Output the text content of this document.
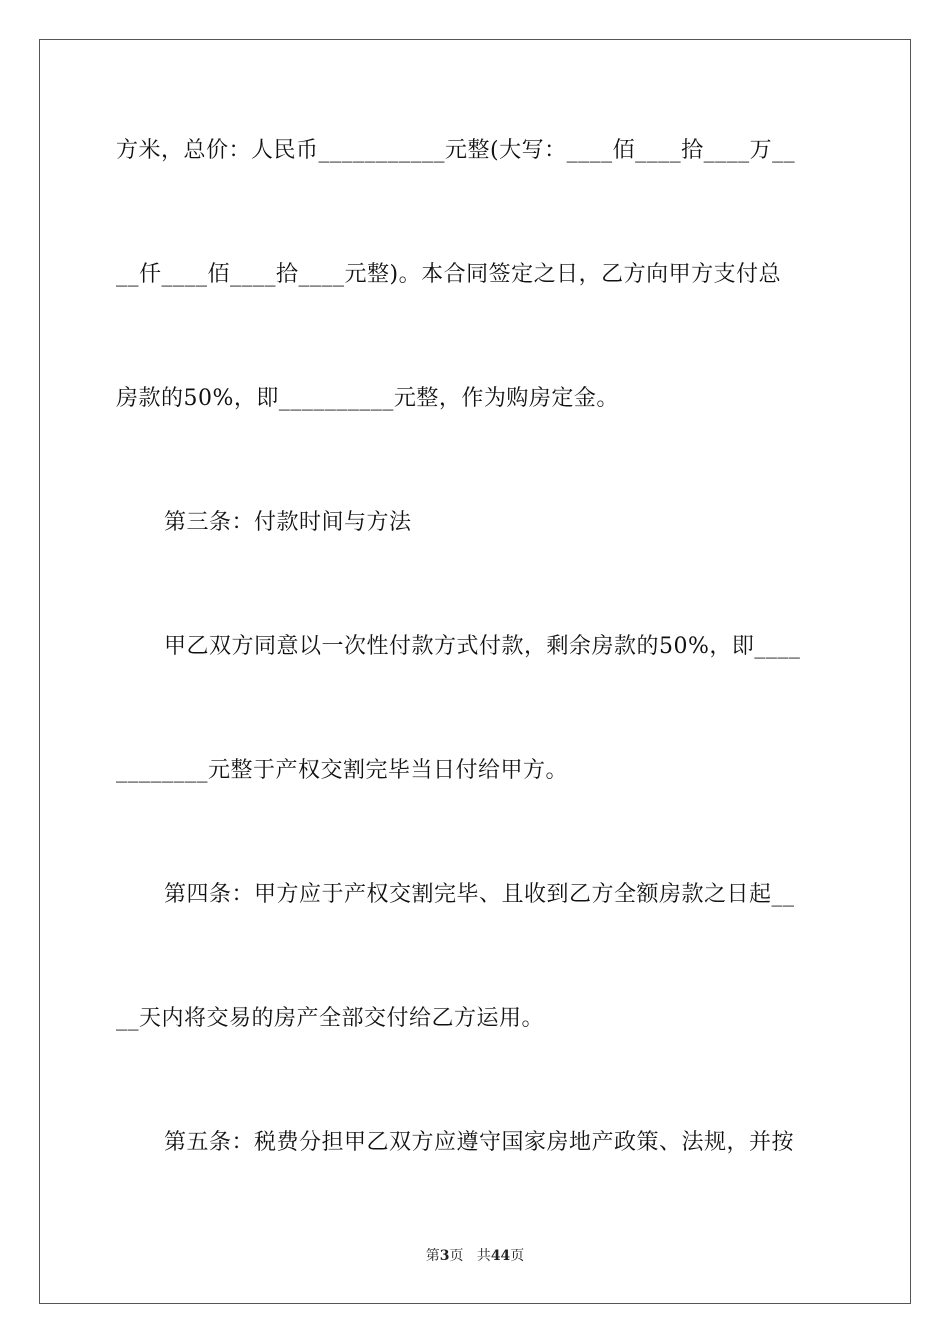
方米，总价：人民币___________元整(大写：____佰____拾____万__
__仟____佰____拾____元整)。本合同签定之日，乙方向甲方支付总
房款的50%，即__________元整，作为购房定金。
第三条：付款时间与方法
甲乙双方同意以一次性付款方式付款，剩余房款的50%，即____
________元整于产权交割完毕当日付给甲方。
第四条：甲方应于产权交割完毕、且收到乙方全额房款之日起__
__天内将交易的房产全部交付给乙方运用。
第五条：税费分担甲乙双方应遵守国家房地产政策、法规，并按
第3页 共44页
